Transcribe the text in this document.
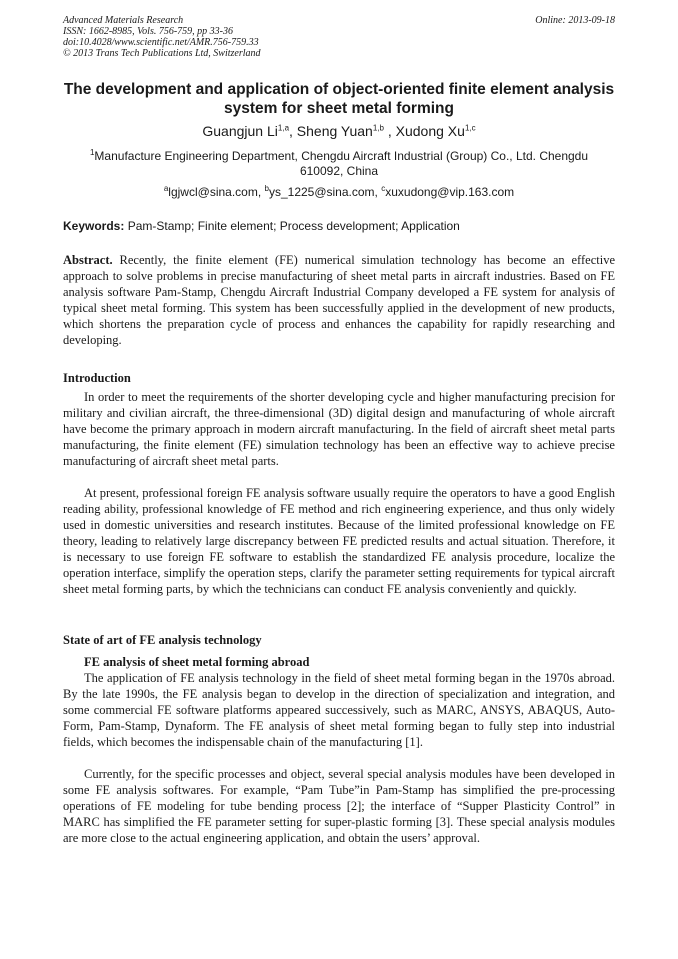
Advanced Materials Research
ISSN: 1662-8985, Vols. 756-759, pp 33-36
doi:10.4028/www.scientific.net/AMR.756-759.33
© 2013 Trans Tech Publications Ltd, Switzerland
Online: 2013-09-18
The development and application of object-oriented finite element analysis system for sheet metal forming
Guangjun Li$^{1,a}$, Sheng Yuan$^{1,b}$ , Xudong Xu$^{1,c}$
$^1$Manufacture Engineering Department, Chengdu Aircraft Industrial (Group) Co., Ltd. Chengdu 610092, China
$^a$lgjwcl@sina.com, $^b$ys_1225@sina.com, $^c$xuxudong@vip.163.com
Keywords: Pam-Stamp; Finite element; Process development; Application

Abstract. Recently, the finite element (FE) numerical simulation technology has become an effective approach to solve problems in precise manufacturing of sheet metal parts in aircraft industries. Based on FE analysis software Pam-Stamp, Chengdu Aircraft Industrial Company developed a FE system for analysis of typical sheet metal forming. This system has been successfully applied in the development of new products, which shortens the preparation cycle of process and enhances the capability for rapidly researching and developing.

Introduction

In order to meet the requirements of the shorter developing cycle and higher manufacturing precision for military and civilian aircraft, the three-dimensional (3D) digital design and manufacturing of whole aircraft have become the primary approach in modern aircraft manufacturing. In the field of aircraft sheet metal parts manufacturing, the finite element (FE) simulation technology has been an effective way to achieve precise manufacturing of aircraft sheet metal parts.

At present, professional foreign FE analysis software usually require the operators to have a good English reading ability, professional knowledge of FE method and rich engineering experience, and thus only widely used in domestic universities and research institutes. Because of the limited professional knowledge on FE theory, leading to relatively large discrepancy between FE predicted results and actual situation. Therefore, it is necessary to use foreign FE software to establish the standardized FE analysis procedure, localize the operation interface, simplify the operation steps, clarify the parameter setting requirements for typical aircraft sheet metal forming parts, by which the technicians can conduct FE analysis conveniently and quickly.

State of art of FE analysis technology
FE analysis of sheet metal forming abroad

The application of FE analysis technology in the field of sheet metal forming began in the 1970s abroad. By the late 1990s, the FE analysis began to develop in the direction of specialization and integration, and some commercial FE software platforms appeared successively, such as MARC, ANSYS, ABAQUS, Auto-Form, Pam-Stamp, Dynaform. The FE analysis of sheet metal forming began to fully step into industrial fields, which becomes the indispensable chain of the manufacturing [1].

Currently, for the specific processes and object, several special analysis modules have been developed in some FE analysis softwares. For example, “Pam Tube”in Pam-Stamp has simplified the pre-processing operations of FE modeling for tube bending process [2]; the interface of “Supper Plasticity Control” in MARC has simplified the FE parameter setting for super-plastic forming [3]. These special analysis modules are more close to the actual engineering application, and obtain the users’ approval.
